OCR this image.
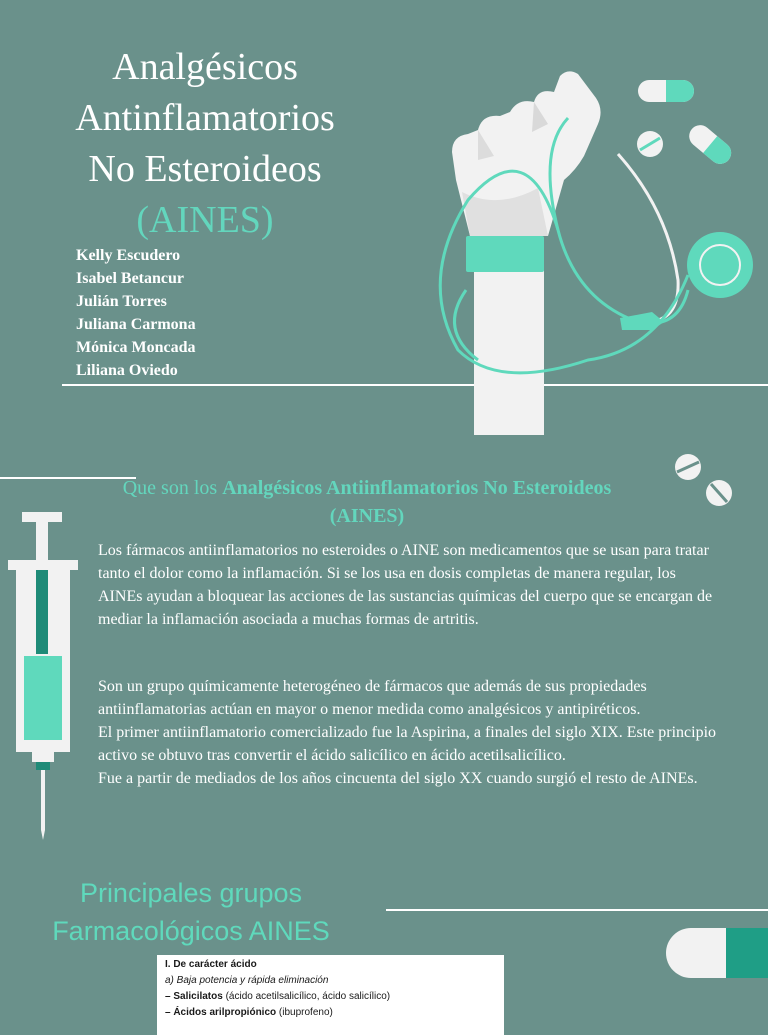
Analgésicos
Antinflamatorios
No Esteroideos
(AINES)
Kelly Escudero
Isabel Betancur
Julián Torres
Juliana Carmona
Mónica Moncada
Liliana Oviedo
Que son los Analgésicos Antiinflamatorios No Esteroideos
(AINES)

Los fármacos antiinflamatorios no esteroides o AINE son medicamentos que se usan para tratar tanto el dolor como la inflamación. Si se los usa en dosis completas de manera regular, los AINEs ayudan a bloquear las acciones de las sustancias químicas del cuerpo que se encargan de mediar la inflamación asociada a muchas formas de artritis.

Son un grupo químicamente heterogéneo de fármacos que además de sus propiedades antiinflamatorias actúan en mayor o menor medida como analgésicos y antipiréticos.

El primer antiinflamatorio comercializado fue la Aspirina, a finales del siglo XIX. Este principio activo se obtuvo tras convertir el ácido salicílico en ácido acetilsalicílico.

Fue a partir de mediados de los años cincuenta del siglo XX cuando surgió el resto de AINEs.

Principales grupos
Farmacológicos AINES
I. De carácter ácido
a) Baja potencia y rápida eliminación
– Salicilatos (ácido acetilsalicílico, ácido salicílico)
– Ácidos arilpropiónico (ibuprofeno)
